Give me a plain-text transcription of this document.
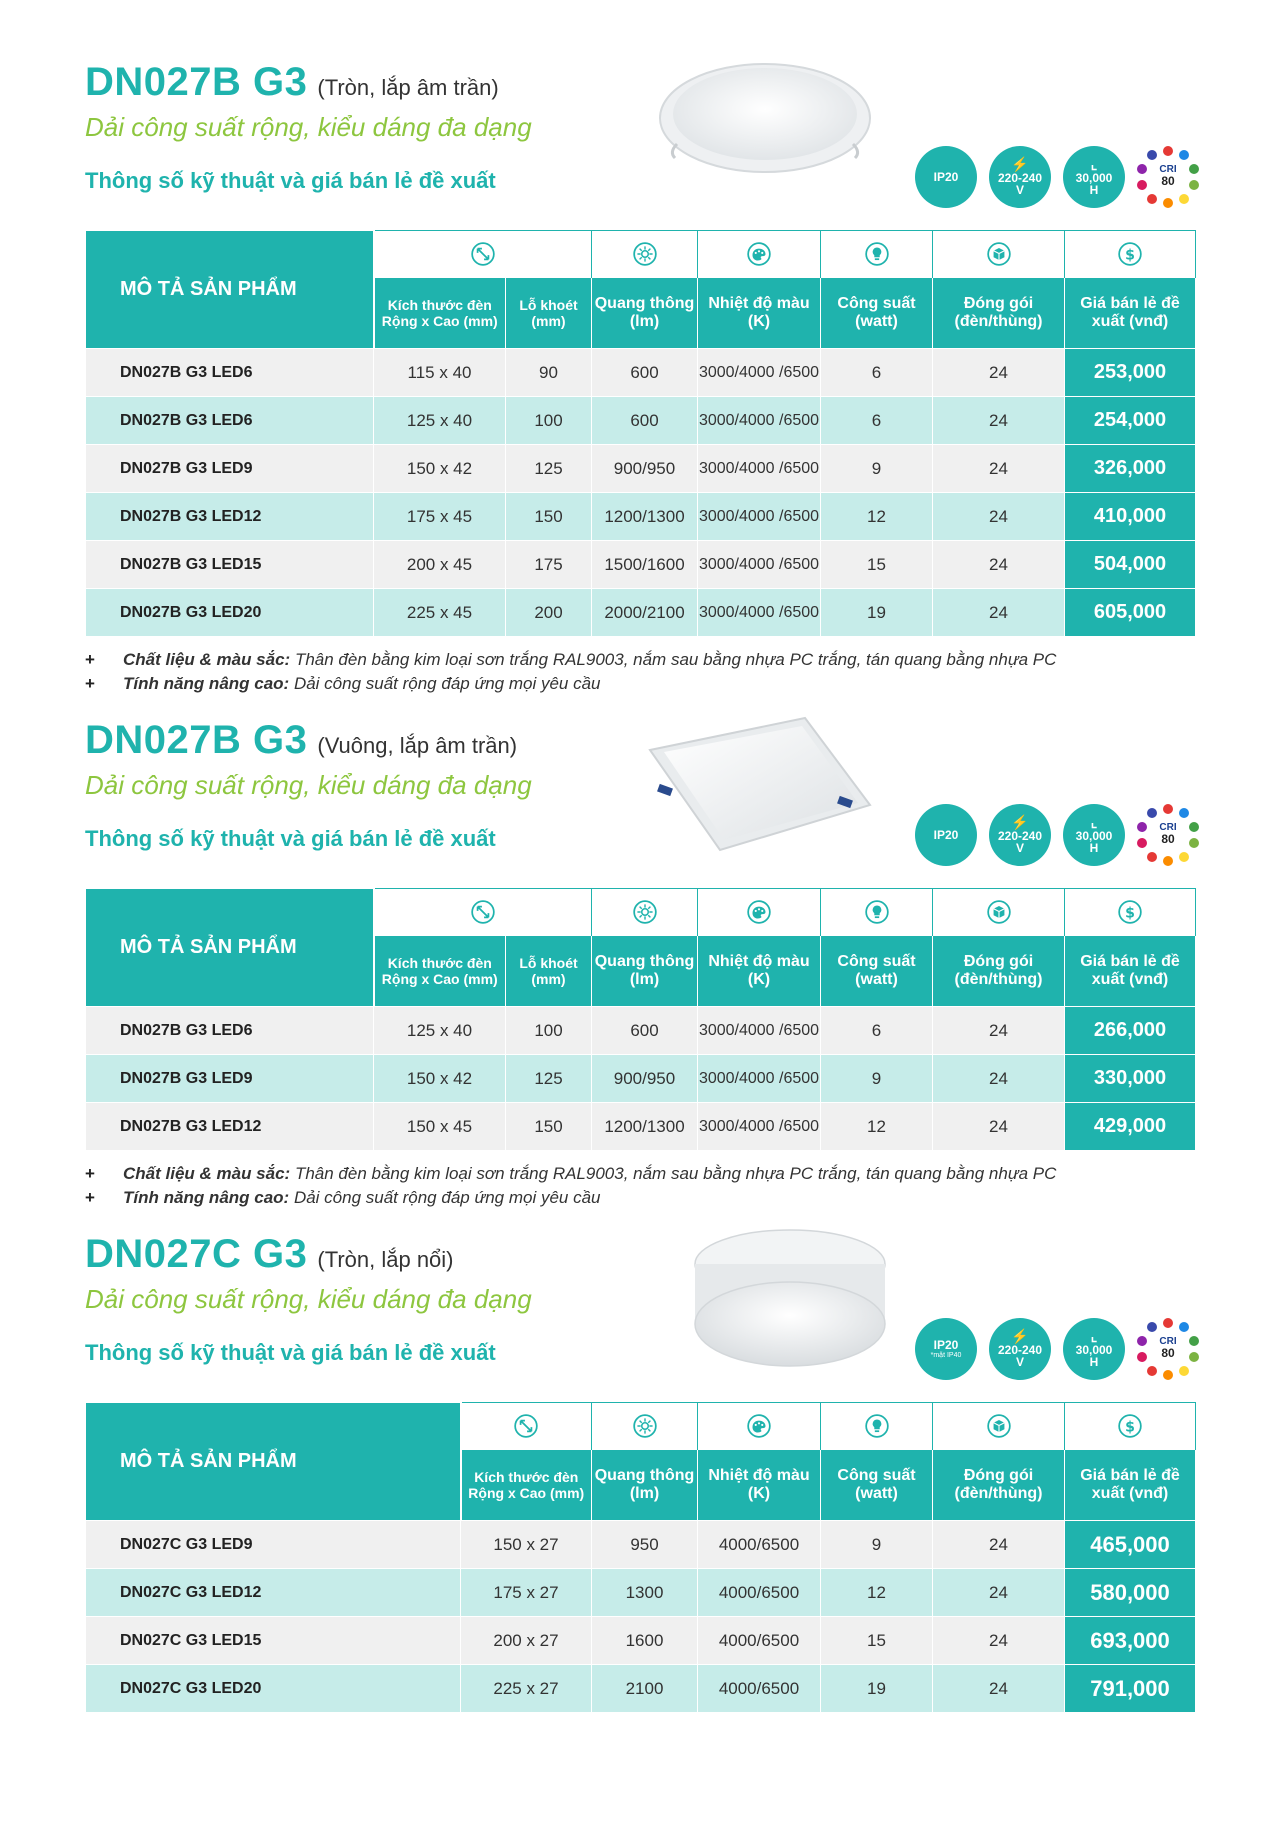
DN027B G3 (Tròn, lắp âm trần)
Dải công suất rộng, kiểu dáng đa dạng
Thông số kỹ thuật và giá bán lẻ đề xuất	IP20
⚡
220-240
V
⌞
30,000
H
CRI
80
MÔ TẢ SẢN PHẨM	

	Kích thước đèn Rộng x Cao (mm)	Lỗ khoét (mm)	Quang thông (lm)	Nhiệt độ màu (K)	Công suất (watt)	Đóng gói (đèn/thùng)	Giá bán lẻ đề xuất (vnđ)
DN027B G3 LED6	115 x 40	90	600	3000/4000 /6500	6	24	253,000
DN027B G3 LED6	125 x 40	100	600	3000/4000 /6500	6	24	254,000
DN027B G3 LED9	150 x 42	125	900/950	3000/4000 /6500	9	24	326,000
DN027B G3 LED12	175 x 45	150	1200/1300	3000/4000 /6500	12	24	410,000
DN027B G3 LED15	200 x 45	175	1500/1600	3000/4000 /6500	15	24	504,000
DN027B G3 LED20	225 x 45	200	2000/2100	3000/4000 /6500	19	24	605,000
+ Chất liệu & màu sắc: Thân đèn bằng kim loại sơn trắng RAL9003, nắm sau bằng nhựa PC trắng, tán quang bằng nhựa PC
+ Tính năng nâng cao: Dải công suất rộng đáp ứng mọi yêu cầu
DN027B G3 (Vuông, lắp âm trần)
Dải công suất rộng, kiểu dáng đa dạng
Thông số kỹ thuật và giá bán lẻ đề xuất	IP20
⚡
220-240
V
⌞
30,000
H
CRI
80
MÔ TẢ SẢN PHẨM	

	Kích thước đèn Rộng x Cao (mm)	Lỗ khoét (mm)	Quang thông (lm)	Nhiệt độ màu (K)	Công suất (watt)	Đóng gói (đèn/thùng)	Giá bán lẻ đề xuất (vnđ)
DN027B G3 LED6	125 x 40	100	600	3000/4000 /6500	6	24	266,000
DN027B G3 LED9	150 x 42	125	900/950	3000/4000 /6500	9	24	330,000
DN027B G3 LED12	150 x 45	150	1200/1300	3000/4000 /6500	12	24	429,000
+ Chất liệu & màu sắc: Thân đèn bằng kim loại sơn trắng RAL9003, nắm sau bằng nhựa PC trắng, tán quang bằng nhựa PC
+ Tính năng nâng cao: Dải công suất rộng đáp ứng mọi yêu cầu
DN027C G3 (Tròn, lắp nổi)
Dải công suất rộng, kiểu dáng đa dạng
Thông số kỹ thuật và giá bán lẻ đề xuất	IP20
*mặt IP40
⚡
220-240
V
⌞
30,000
H
CRI
80
MÔ TẢ SẢN PHẨM	

	Kích thước đèn Rộng x Cao (mm)	Quang thông (lm)	Nhiệt độ màu (K)	Công suất (watt)	Đóng gói (đèn/thùng)	Giá bán lẻ đề xuất (vnđ)
DN027C G3 LED9	150 x 27	950	4000/6500	9	24	465,000
DN027C G3 LED12	175 x 27	1300	4000/6500	12	24	580,000
DN027C G3 LED15	200 x 27	1600	4000/6500	15	24	693,000
DN027C G3 LED20	225 x 27	2100	4000/6500	19	24	791,000
